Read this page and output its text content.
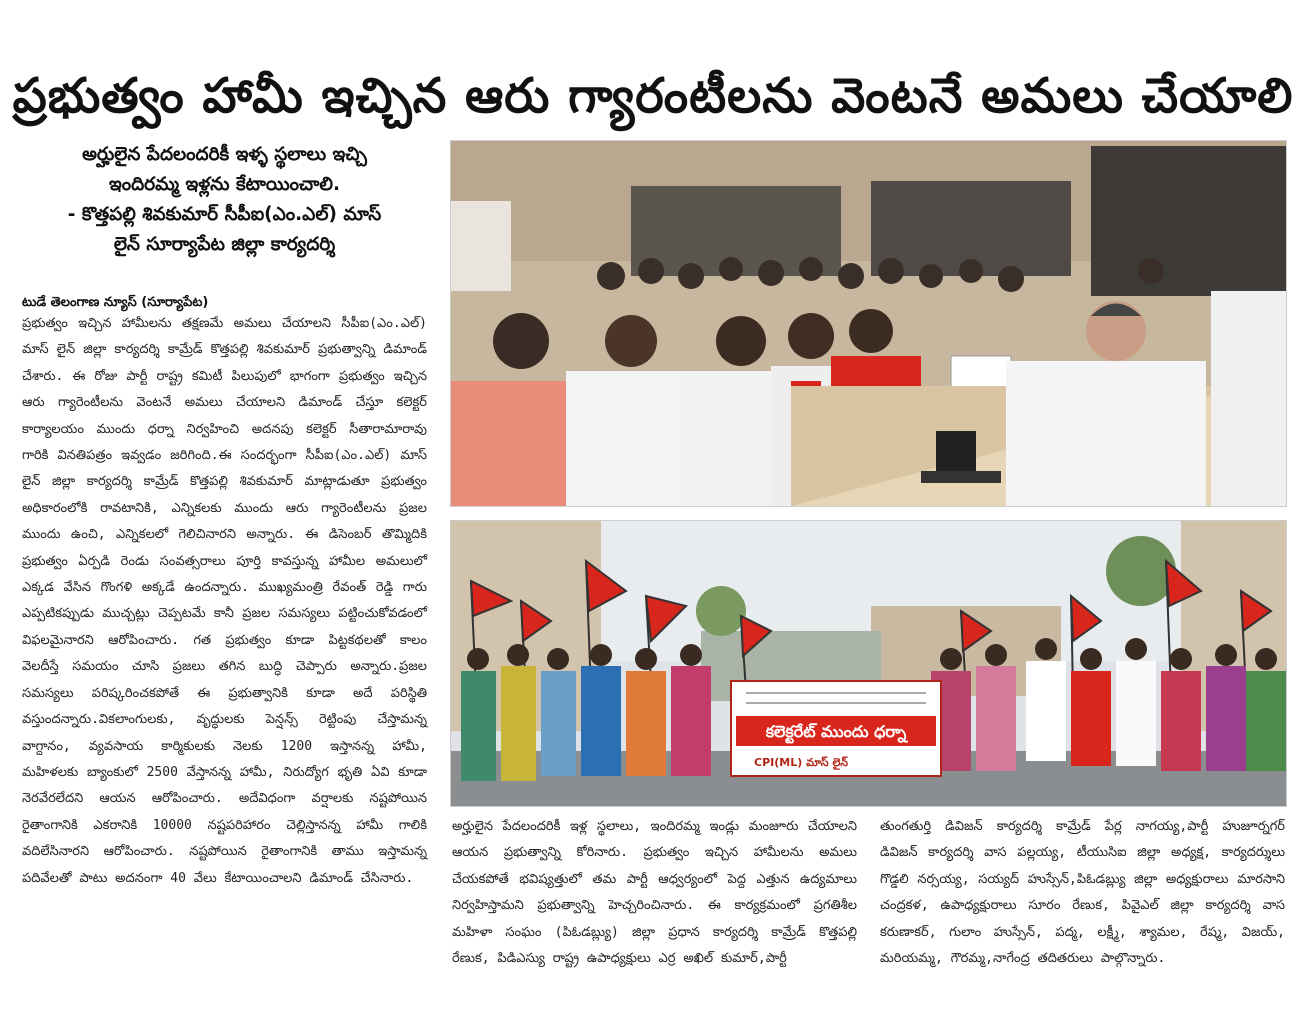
ప్రభుత్వం హామీ ఇచ్చిన ఆరు గ్యారంటీలను వెంటనే అమలు చేయాలి
అర్హులైన పేదలందరికీ ఇళ్ళ స్థలాలు ఇచ్చి
ఇందిరమ్మ ఇళ్లను కేటాయించాలి.
- కొత్తపల్లి శివకుమార్ సీపీఐ(ఎం.ఎల్) మాస్
లైన్ సూర్యాపేట జిల్లా కార్యదర్శి
టుడే తెలంగాణ న్యూస్ (సూర్యాపేట)
ప్రభుత్వం ఇచ్చిన హామీలను తక్షణమే అమలు చేయాలని సీపీఐ(ఎం.ఎల్) మాస్ లైన్ జిల్లా కార్యదర్శి కామ్రేడ్ కొత్తపల్లి శివకుమార్ ప్రభుత్వాన్ని డిమాండ్ చేశారు. ఈ రోజు పార్టీ రాష్ట్ర కమిటీ పిలుపులో భాగంగా ప్రభుత్వం ఇచ్చిన ఆరు గ్యారెంటీలను వెంటనే అమలు చేయాలని డిమాండ్ చేస్తూ కలెక్టర్ కార్యాలయం ముందు ధర్నా నిర్వహించి అదనపు కలెక్టర్ సీతారామారావు గారికి వినతిపత్రం ఇవ్వడం జరిగింది.ఈ సందర్భంగా సీపీఐ(ఎం.ఎల్) మాస్ లైన్ జిల్లా కార్యదర్శి కామ్రేడ్ కొత్తపల్లి శివకుమార్ మాట్లాడుతూ ప్రభుత్వం అధికారంలోకి రావటానికి, ఎన్నికలకు ముందు ఆరు గ్యారెంటీలను ప్రజల ముందు ఉంచి, ఎన్నికలలో గెలిచినారని అన్నారు. ఈ డిసెంబర్ తొమ్మిదికి ప్రభుత్వం ఏర్పడి రెండు సంవత్సరాలు పూర్తి కావస్తున్న హామీల అమలులో ఎక్కడ వేసిన గొంగళి అక్కడే ఉందన్నారు. ముఖ్యమంత్రి రేవంత్ రెడ్డి గారు ఎప్పటికప్పుడు ముచ్చట్లు చెప్పటమే కానీ ప్రజల సమస్యలు పట్టించుకోవడంలో విఫలమైనారని ఆరోపించారు. గత ప్రభుత్వం కూడా పిట్టకథలతో కాలం వెలదీస్తే సమయం చూసి ప్రజలు తగిన బుద్ధి చెప్పారు అన్నారు.ప్రజల సమస్యలు పరిష్కరించకపోతే ఈ ప్రభుత్వానికి కూడా అదే పరిస్థితి వస్తుందన్నారు.వికలాంగులకు, వృద్ధులకు పెన్షన్స్ రెట్టింపు చేస్తామన్న వాగ్దానం, వ్యవసాయ కార్మికులకు నెలకు 1200 ఇస్తానన్న హామీ, మహిళలకు బ్యాంకులో 2500 వేస్తానన్న హామీ, నిరుద్యోగ భృతి ఏవి కూడా నెరవేరలేదని ఆయన ఆరోపించారు. అదేవిధంగా వర్షాలకు నష్టపోయిన రైతాంగానికి ఎకరానికి 10000 నష్టపరిహారం చెల్లిస్తానన్న హామీ గాలికి వదిలేసినారని ఆరోపించారు. నష్టపోయిన రైతాంగానికి తాము ఇస్తామన్న పదివేలతో పాటు అదనంగా 40 వేలు కేటాయించాలని డిమాండ్ చేసినారు.
కలెక్టరేట్ ముందు ధర్నా
CPI(ML) మాస్ లైన్
అర్హులైన పేదలందరికీ ఇళ్ల స్థలాలు, ఇందిరమ్మ ఇండ్లు మంజూరు చేయాలని ఆయన ప్రభుత్వాన్ని కోరినారు. ప్రభుత్వం ఇచ్చిన హామీలను అమలు చేయకపోతే భవిష్యత్తులో తమ పార్టీ ఆధ్వర్యంలో పెద్ద ఎత్తున ఉద్యమాలు నిర్వహిస్తామని ప్రభుత్వాన్ని హెచ్చరించినారు. ఈ కార్యక్రమంలో ప్రగతిశీల మహిళా సంఘం (పిఓడబ్ల్యు) జిల్లా ప్రధాన కార్యదర్శి కామ్రేడ్ కొత్తపల్లి రేణుక, పిడిఎస్యు రాష్ట్ర ఉపాధ్యక్షులు ఎర్ర అఖిల్ కుమార్,పార్టీ
తుంగతుర్తి డివిజన్ కార్యదర్శి కామ్రేడ్ పేర్ల నాగయ్య,పార్టీ హుజూర్నగర్ డివిజన్ కార్యదర్శి వాస పల్లయ్య, టీయుసిఐ జిల్లా అధ్యక్ష, కార్యదర్శులు గొడ్డలి నర్సయ్య, సయ్యద్ హుస్సేన్,పిఓడబ్ల్యు జిల్లా అధ్యక్షురాలు మారసాని చంద్రకళ, ఉపాధ్యక్షురాలు సూరం రేణుక, పివైఎల్ జిల్లా కార్యదర్శి వాస కరుణాకర్, గులాం హుస్సేన్, పద్మ, లక్ష్మీ, శ్యామల, రేష్మ, విజయ్, మరియమ్మ, గౌరమ్మ,నాగేంద్ర తదితరులు పాల్గొన్నారు.
